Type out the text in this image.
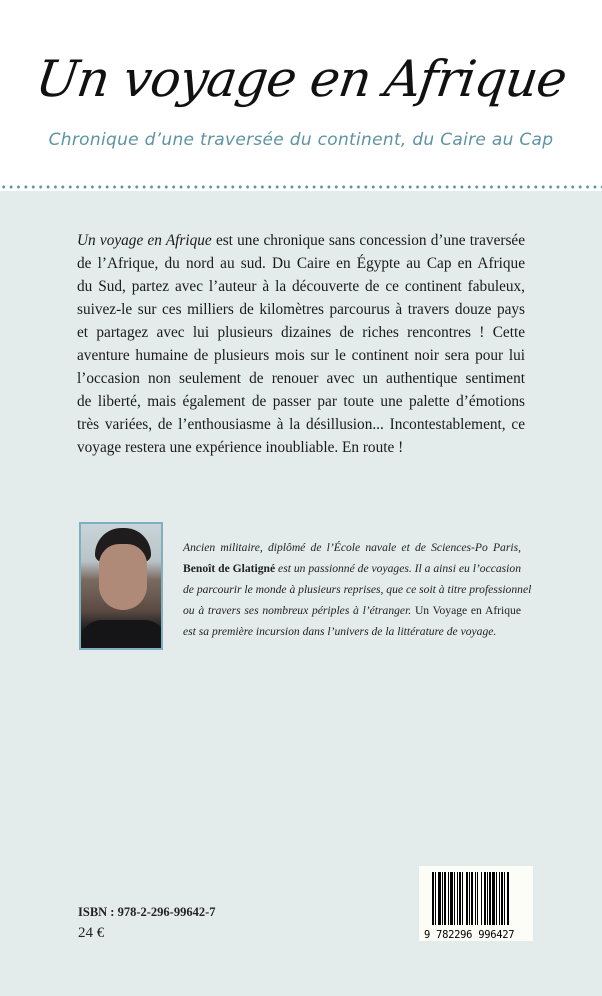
Un voyage en Afrique
Chronique d’une traversée du continent, du Caire au Cap
Un voyage en Afrique est une chronique sans concession d’une traversée
de l’Afrique, du nord au sud. Du Caire en Égypte au Cap en Afrique
du Sud, partez avec l’auteur à la découverte de ce continent fabuleux,
suivez-le sur ces milliers de kilomètres parcourus à travers douze pays
et partagez avec lui plusieurs dizaines de riches rencontres ! Cette
aventure humaine de plusieurs mois sur le continent noir sera pour lui
l’occasion non seulement de renouer avec un authentique sentiment
de liberté, mais également de passer par toute une palette d’émotions
très variées, de l’enthousiasme à la désillusion... Incontestablement, ce
voyage restera une expérience inoubliable. En route !
Ancien militaire, diplômé de l’École navale et de Sciences-Po Paris,
Benoît de Glatigné est un passionné de voyages. Il a ainsi eu l’occasion
de parcourir le monde à plusieurs reprises, que ce soit à titre professionnel
ou à travers ses nombreux périples à l’étranger. Un Voyage en Afrique
est sa première incursion dans l’univers de la littérature de voyage.
ISBN : 978-2-296-99642-7
24 €	9 782296 996427
